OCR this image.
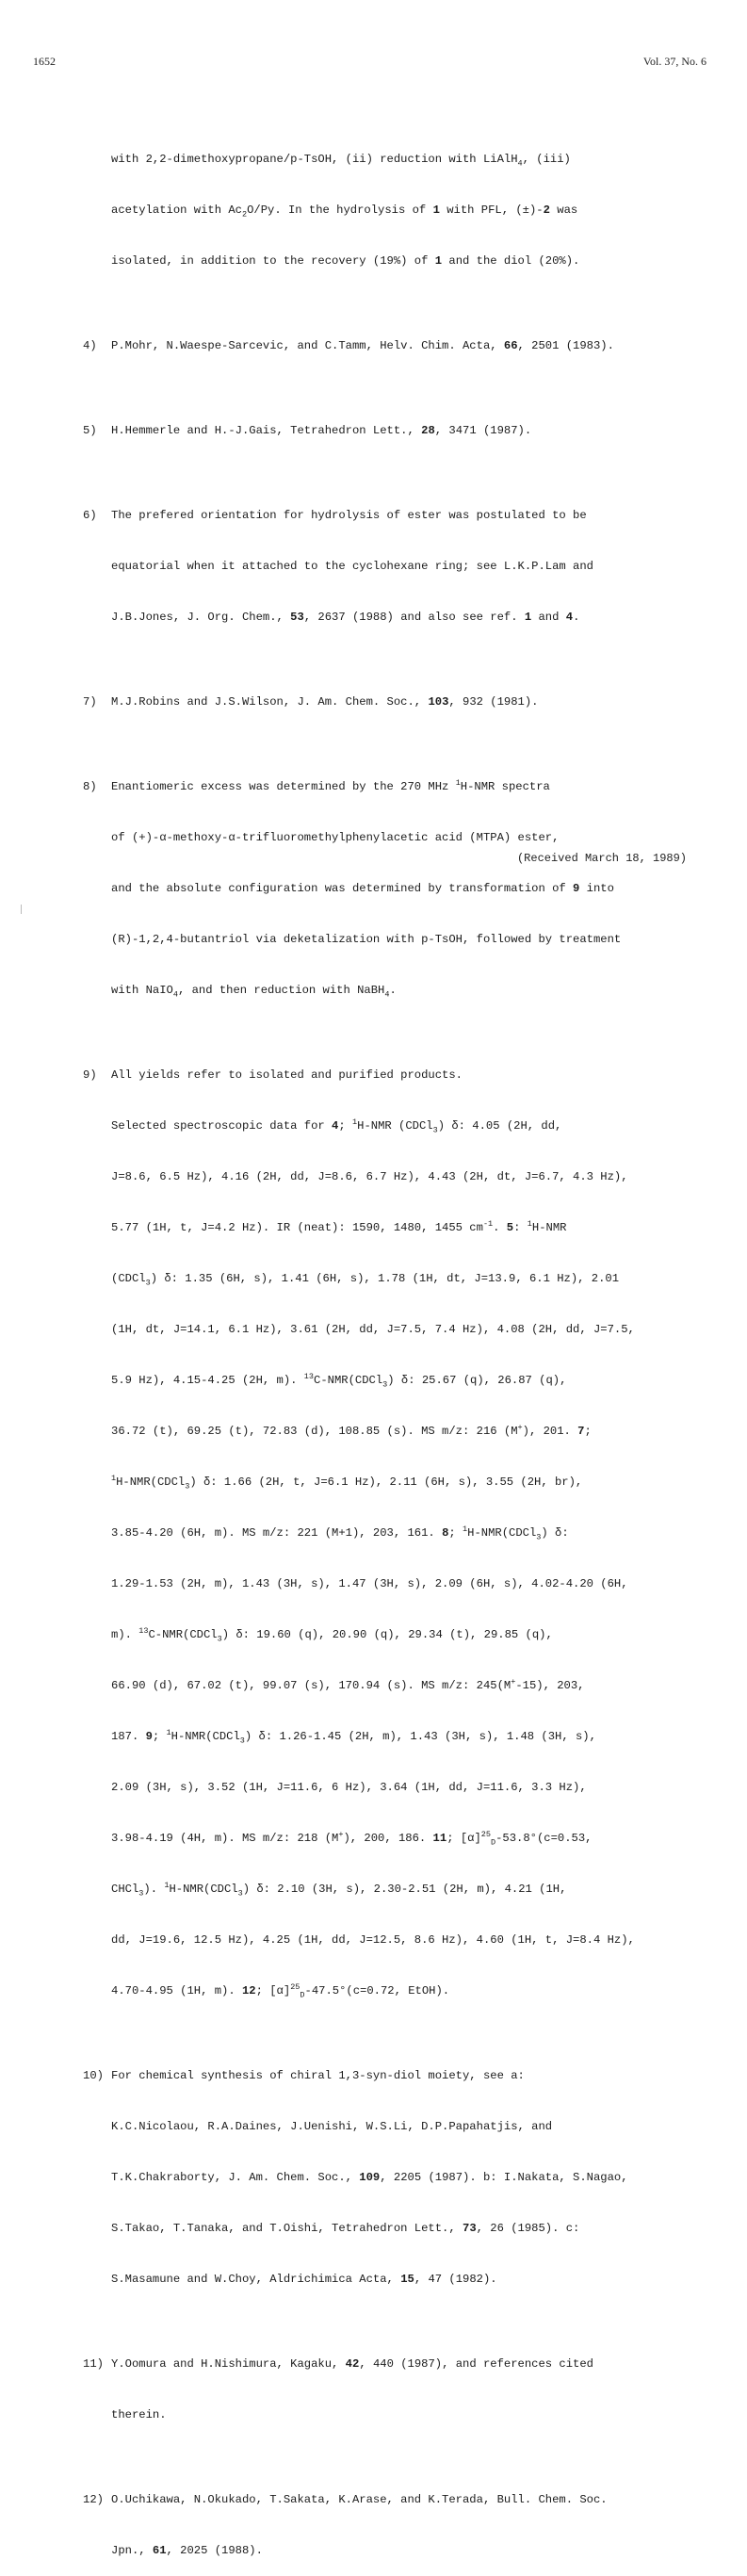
1652	Vol. 37, No. 6

with 2,2-dimethoxypropane/p-TsOH, (ii) reduction with LiAlH$_4$, (iii)

acetylation with $Ac_2O/Py$. In the hydrolysis of 1 with PFL, (±)-2 was

isolated, in addition to the recovery (19%) of 1 and the diol (20%).

4) P.Mohr, N.Waespe-Sarcevic, and C.Tamm, Helv. Chim. Acta, 66, 2501 (1983).

5) H.Hemmerle and H.-J.Gais, Tetrahedron Lett., 28, 3471 (1987).

6) The prefered orientation for hydrolysis of ester was postulated to be

equatorial when it attached to the cyclohexane ring; see L.K.P.Lam and

J.B.Jones, J. Org. Chem., 53, 2637 (1988) and also see ref. 1 and 4.

7) M.J.Robins and J.S.Wilson, J. Am. Chem. Soc., 103, 932 (1981).

8) Enantiomeric excess was determined by the 270 MHz $^1$H-NMR spectra

of (+)-α-methoxy-α-trifluoromethylphenylacetic acid (MTPA) ester,

and the absolute configuration was determined by transformation of 9 into

(R)-1,2,4-butantriol via deketalization with p-TsOH, followed by treatment

with NaIO$_4$, and then reduction with NaBH$_4$.

9) All yields refer to isolated and purified products.

Selected spectroscopic data for 4; $^1$H-NMR (CDCl$_3$) δ: 4.05 (2H, dd,

J=8.6, 6.5 Hz), 4.16 (2H, dd, J=8.6, 6.7 Hz), 4.43 (2H, dt, J=6.7, 4.3 Hz),

5.77 (1H, t, J=4.2 Hz). IR (neat): 1590, 1480, 1455 $cm^{-1}$. 5: $^1$H-NMR

(CDCl$_3$) δ: 1.35 (6H, s), 1.41 (6H, s), 1.78 (1H, dt, J=13.9, 6.1 Hz), 2.01

(1H, dt, J=14.1, 6.1 Hz), 3.61 (2H, dd, J=7.5, 7.4 Hz), 4.08 (2H, dd, J=7.5,

5.9 Hz), 4.15-4.25 (2H, m). $^{13}$C-NMR(CDCl$_3$) δ: 25.67 (q), 26.87 (q),

36.72 (t), 69.25 (t), 72.83 (d), 108.85 (s). MS m/z: 216 (M+), 201. 7;

$^1$H-NMR(CDCl$_3$) δ: 1.66 (2H, t, J=6.1 Hz), 2.11 (6H, s), 3.55 (2H, br),

3.85-4.20 (6H, m). MS m/z: 221 (M+1), 203, 161. 8; $^1$H-NMR(CDCl$_3$) δ:

1.29-1.53 (2H, m), 1.43 (3H, s), 1.47 (3H, s), 2.09 (6H, s), 4.02-4.20 (6H,

m). $^{13}$C-NMR(CDCl$_3$) δ: 19.60 (q), 20.90 (q), 29.34 (t), 29.85 (q),

66.90 (d), 67.02 (t), 99.07 (s), 170.94 (s). MS m/z: 245(M+-15), 203,

187. 9; $^1$H-NMR(CDCl$_3$) δ: 1.26-1.45 (2H, m), 1.43 (3H, s), 1.48 (3H, s),

2.09 (3H, s), 3.52 (1H, J=11.6, 6 Hz), 3.64 (1H, dd, J=11.6, 3.3 Hz),

3.98-4.19 (4H, m). MS m/z: 218 (M+), 200, 186. 11; $[\alpha]^{25}_D-53.8^\circ(c=0.53$,

CHCl$_3$). $^1$H-NMR(CDCl$_3$) δ: 2.10 (3H, s), 2.30-2.51 (2H, m), 4.21 (1H,

dd, J=19.6, 12.5 Hz), 4.25 (1H, dd, J=12.5, 8.6 Hz), 4.60 (1H, t, J=8.4 Hz),

4.70-4.95 (1H, m). 12; $[\alpha]^{25}_D-47.5^\circ(c=0.72$, EtOH).

10) For chemical synthesis of chiral 1,3-syn-diol moiety, see a:

K.C.Nicolaou, R.A.Daines, J.Uenishi, W.S.Li, D.P.Papahatjis, and

T.K.Chakraborty, J. Am. Chem. Soc., 109, 2205 (1987). b: I.Nakata, S.Nagao,

S.Takao, T.Tanaka, and T.Oishi, Tetrahedron Lett., 73, 26 (1985). c:

S.Masamune and W.Choy, Aldrichimica Acta, 15, 47 (1982).

11) Y.Oomura and H.Nishimura, Kagaku, 42, 440 (1987), and references cited

therein.

12) O.Uchikawa, N.Okukado, T.Sakata, K.Arase, and K.Terada, Bull. Chem. Soc.

Jpn., 61, 2025 (1988).

(Received March 18, 1989)
